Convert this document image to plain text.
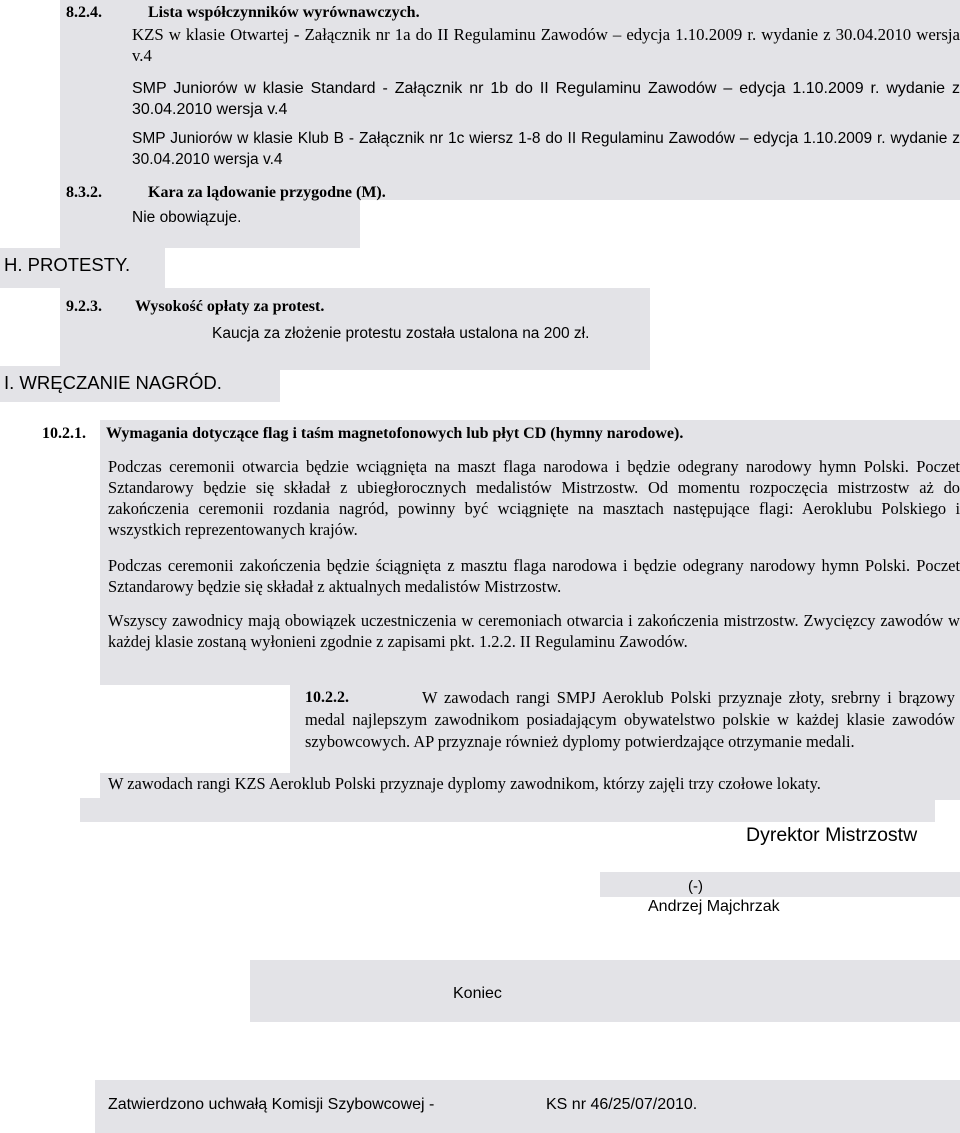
8.2.4.	Lista współczynników wyrównawczych.
KZS w klasie Otwartej - Załącznik nr 1a do II Regulaminu Zawodów – edycja 1.10.2009 r. wydanie z 30.04.2010 wersja v.4
SMP Juniorów w klasie Standard - Załącznik nr 1b do II Regulaminu Zawodów – edycja 1.10.2009 r. wydanie z 30.04.2010 wersja v.4
SMP Juniorów w klasie Klub B - Załącznik nr 1c wiersz 1-8 do II Regulaminu Zawodów – edycja 1.10.2009 r. wydanie z 30.04.2010 wersja v.4
8.3.2.	Kara za lądowanie przygodne (M).
Nie obowiązuje.
H. PROTESTY.
9.2.3. Wysokość opłaty za protest.
Kaucja za złożenie protestu została ustalona na 200 zł.
I. WRĘCZANIE NAGRÓD.
10.2.1. Wymagania dotyczące flag i taśm magnetofonowych lub płyt CD (hymny narodowe).
Podczas ceremonii otwarcia będzie wciągnięta na maszt flaga narodowa i będzie odegrany narodowy hymn Polski. Poczet Sztandarowy będzie się składał z ubiegłorocznych medalistów Mistrzostw. Od momentu rozpoczęcia mistrzostw aż do zakończenia ceremonii rozdania nagród, powinny być wciągnięte na masztach następujące flagi: Aeroklubu Polskiego i wszystkich reprezentowanych krajów.
Podczas ceremonii zakończenia będzie ściągnięta z masztu flaga narodowa i będzie odegrany narodowy hymn Polski. Poczet Sztandarowy będzie się składał z aktualnych medalistów Mistrzostw.
Wszyscy zawodnicy mają obowiązek uczestniczenia w ceremoniach otwarcia i zakończenia mistrzostw. Zwycięzcy zawodów w każdej klasie zostaną wyłonieni zgodnie z zapisami pkt. 1.2.2. II Regulaminu Zawodów.
10.2.2.	W zawodach rangi SMPJ Aeroklub Polski przyznaje złoty, srebrny i brązowy medal najlepszym zawodnikom posiadającym obywatelstwo polskie w każdej klasie zawodów szybowcowych. AP przyznaje również dyplomy potwierdzające otrzymanie medali.
W zawodach rangi KZS Aeroklub Polski przyznaje dyplomy zawodnikom, którzy zajęli trzy czołowe lokaty.
Dyrektor Mistrzostw
(-)
Andrzej Majchrzak
Koniec
Zatwierdzono uchwałą Komisji Szybowcowej -	KS nr 46/25/07/2010.
